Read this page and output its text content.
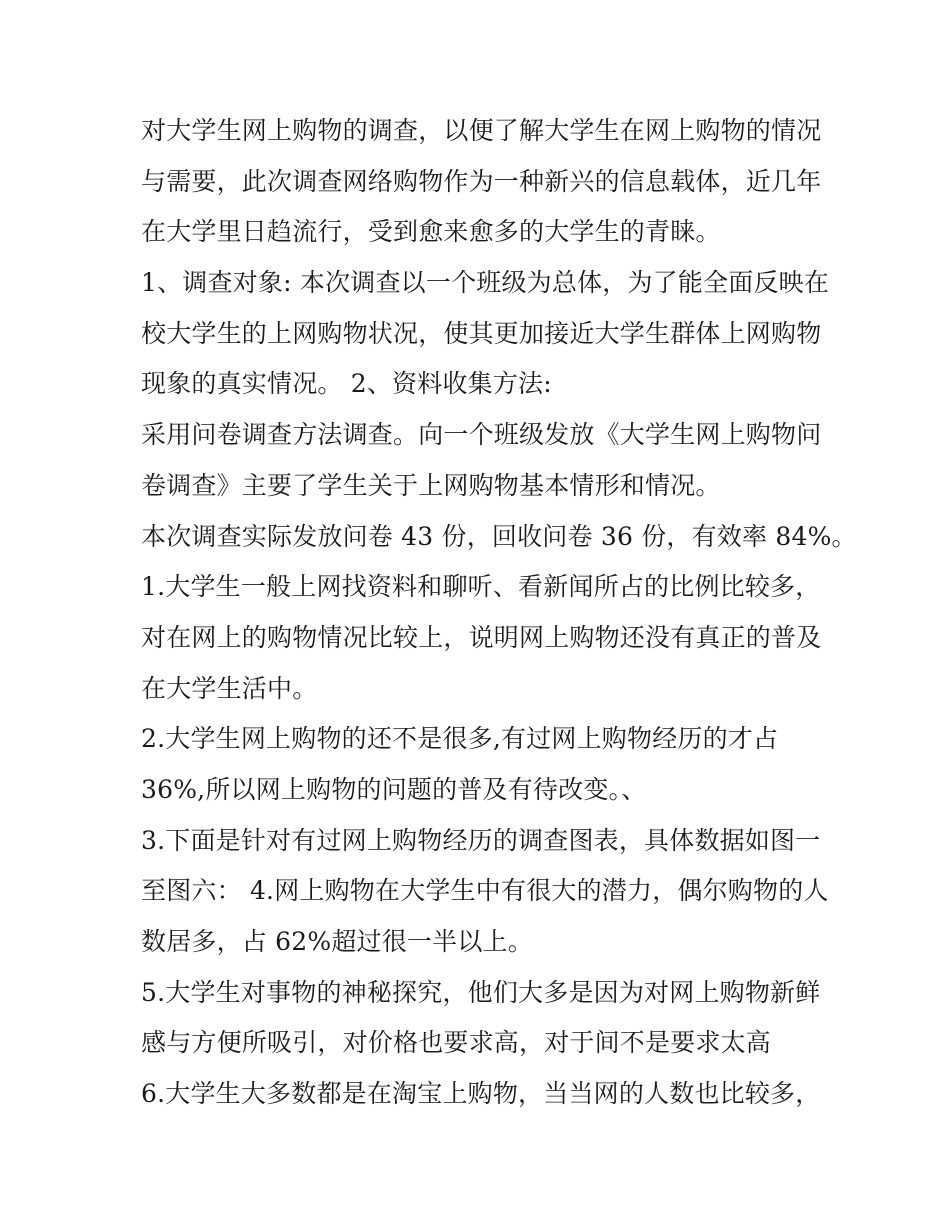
对大学生网上购物的调查，以便了解大学生在网上购物的情况
与需要，此次调查网络购物作为一种新兴的信息载体，近几年
在大学里日趋流行，受到愈来愈多的大学生的青睐。
1、调查对象: 本次调查以一个班级为总体，为了能全面反映在
校大学生的上网购物状况，使其更加接近大学生群体上网购物
现象的真实情况。 2、资料收集方法:
采用问卷调查方法调查。向一个班级发放《大学生网上购物问
卷调查》主要了学生关于上网购物基本情形和情况。
本次调查实际发放问卷 43 份，回收问卷 36 份，有效率 84%。
1.大学生一般上网找资料和聊听、看新闻所占的比例比较多，
对在网上的购物情况比较上，说明网上购物还没有真正的普及
在大学生活中。
2.大学生网上购物的还不是很多,有过网上购物经历的才占
36%,所以网上购物的问题的普及有待改变。、
3.下面是针对有过网上购物经历的调查图表，具体数据如图一
至图六： 4.网上购物在大学生中有很大的潜力，偶尔购物的人
数居多，占 62%超过很一半以上。
5.大学生对事物的神秘探究，他们大多是因为对网上购物新鲜
感与方便所吸引，对价格也要求高，对于间不是要求太高
6.大学生大多数都是在淘宝上购物，当当网的人数也比较多，
